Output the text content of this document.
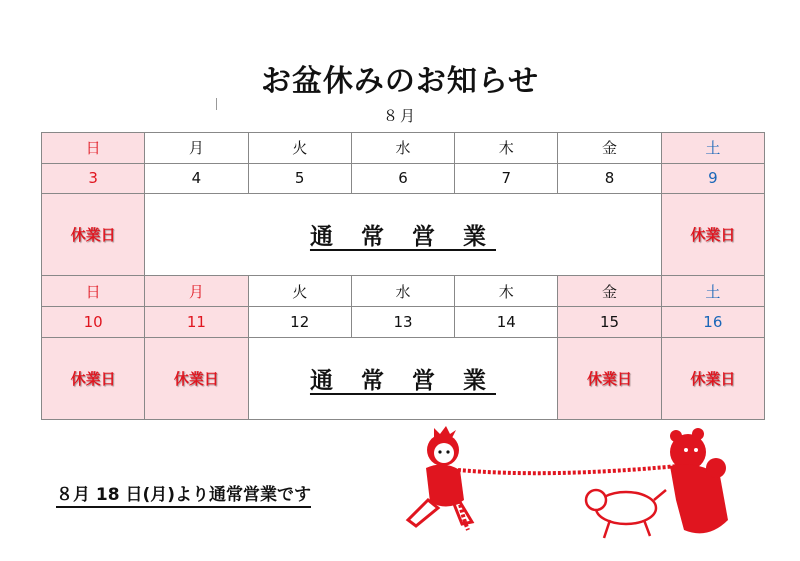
お盆休みのお知らせ
８月
日	月	火	水	木	金	土
3	4	5	6	7	8	9
休業日	通 常 営 業					休業日
日	月	火	水	木	金	土
10	11	12	13	14	15	16
休業日	休業日	通 常 営 業			休業日	休業日
８月 18 日(月)より通常営業です
